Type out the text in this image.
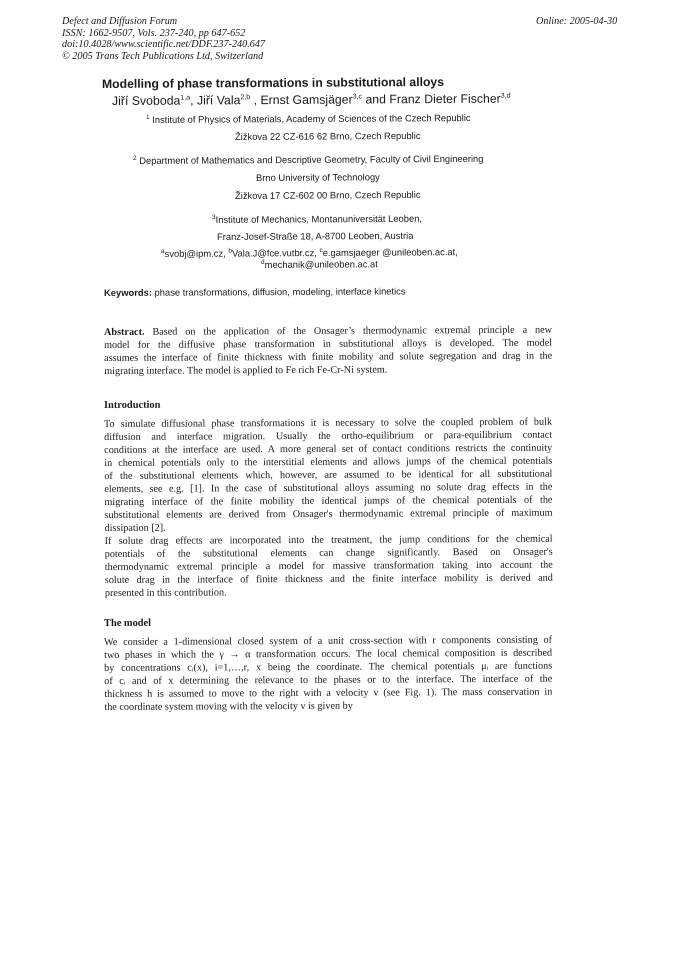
Defect and Diffusion Forum
ISSN: 1662-9507, Vols. 237-240, pp 647-652
doi:10.4028/www.scientific.net/DDF.237-240.647
© 2005 Trans Tech Publications Ltd, Switzerland
Online: 2005-04-30
Modelling of phase transformations in substitutional alloys
Jiří Svoboda$^{1,a}$, Jiří Vala$^{2,b}$ , Ernst Gamsjäger$^{3,c}$ and Franz Dieter Fischer$^{3,d}$
$^1$ Institute of Physics of Materials, Academy of Sciences of the Czech Republic
Žižkova 22 CZ-616 62 Brno, Czech Republic
$^2$ Department of Mathematics and Descriptive Geometry, Faculty of Civil Engineering
Brno University of Technology
Žižkova 17 CZ-602 00 Brno, Czech Republic
$^3$Institute of Mechanics, Montanuniversität Leoben,
Franz-Josef-Straße 18, A-8700 Leoben, Austria
$^a$svobj@ipm.cz, $^b$Vala.J@fce.vutbr.cz, $^c$e.gamsjaeger @unileoben.ac.at,
$^d$mechanik@unileoben.ac.at
Keywords: phase transformations, diffusion, modeling, interface kinetics
Abstract. Based on the application of the Onsager’s thermodynamic extremal principle a new
model for the diffusive phase transformation in substitutional alloys is developed. The model
assumes the interface of finite thickness with finite mobility and solute segregation and drag in the
migrating interface. The model is applied to Fe rich Fe-Cr-Ni system.
Introduction
To simulate diffusional phase transformations it is necessary to solve the coupled problem of bulk
diffusion and interface migration. Usually the ortho-equilibrium or para-equilibrium contact
conditions at the interface are used. A more general set of contact conditions restricts the continuity
in chemical potentials only to the interstitial elements and allows jumps of the chemical potentials
of the substitutional elements which, however, are assumed to be identical for all substitutional
elements, see e.g. [1]. In the case of substitutional alloys assuming no solute drag effects in the
migrating interface of the finite mobility the identical jumps of the chemical potentials of the
substitutional elements are derived from Onsager's thermodynamic extremal principle of maximum
dissipation [2].
If solute drag effects are incorporated into the treatment, the jump conditions for the chemical
potentials of the substitutional elements can change significantly. Based on Onsager's
thermodynamic extremal principle a model for massive transformation taking into account the
solute drag in the interface of finite thickness and the finite interface mobility is derived and
presented in this contribution.
The model
We consider a 1-dimensional closed system of a unit cross-section with r components consisting of
two phases in which the γ → α transformation occurs. The local chemical composition is described
by concentrations cᵢ(x), i=1,…,r, x being the coordinate. The chemical potentials μᵢ are functions
of cᵢ and of x determining the relevance to the phases or to the interface. The interface of the
thickness h is assumed to move to the right with a velocity v (see Fig. 1). The mass conservation in
the coordinate system moving with the velocity v is given by
